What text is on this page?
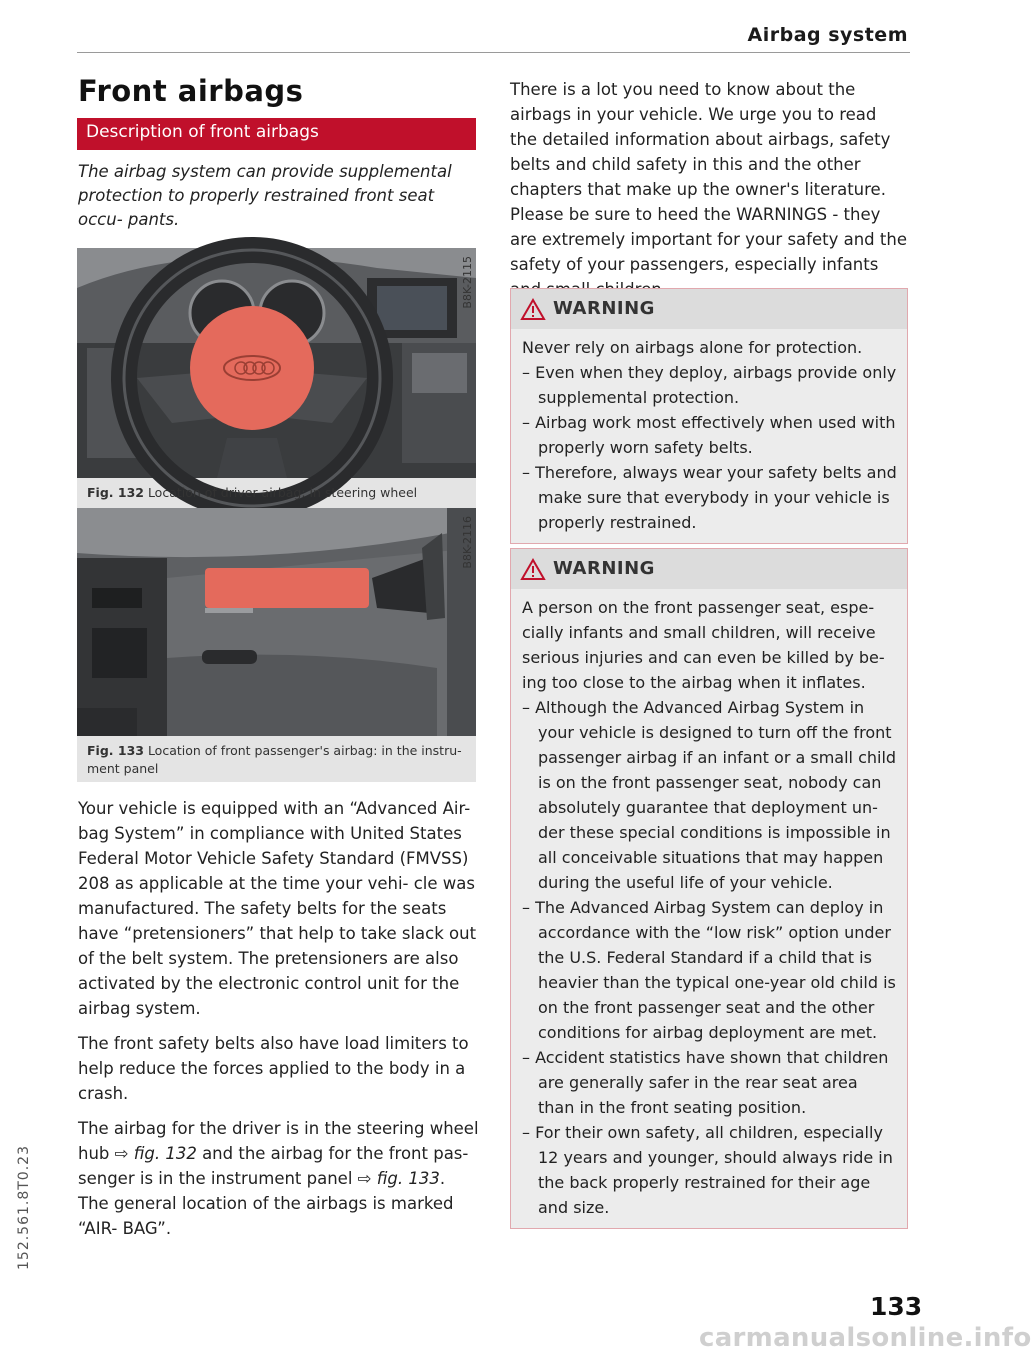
Airbag system
152.561.8T0.23
Front airbags
Description of front airbags
The airbag system can provide supplemental protection to properly restrained front seat occu- pants.
B8K-2115
Fig. 132 Location of driver airbag: in steering wheel
B8K-2116
Fig. 133 Location of front passenger's airbag: in the instru- ment panel

Your vehicle is equipped with an “Advanced Air- bag System” in compliance with United States Federal Motor Vehicle Safety Standard (FMVSS) 208 as applicable at the time your vehi- cle was manufactured. The safety belts for the seats have “pretensioners” that help to take slack out of the belt system. The pretensioners are also activated by the electronic control unit for the airbag system.

The front safety belts also have load limiters to help reduce the forces applied to the body in a crash.

The airbag for the driver is in the steering wheel hub ⇨ fig. 132 and the airbag for the front pas- senger is in the instrument panel ⇨ fig. 133. The general location of the airbags is marked “AIR- BAG”.

There is a lot you need to know about the airbags in your vehicle. We urge you to read the detailed information about airbags, safety belts and child safety in this and the other chapters that make up the owner's literature. Please be sure to heed the WARNINGS - they are extremely important for your safety and the safety of your passengers, especially infants

WARNING

Never rely on airbags alone for protection.

– Even when they deploy, airbags provide only supplemental protection.
– Airbag work most effectively when used with properly worn safety belts.
– Therefore, always wear your safety belts and make sure that everybody in your vehicle is properly restrained.
WARNING

A person on the front passenger seat, espe- cially infants and small children, will receive serious injuries and can even be killed by be- ing too close to the airbag when it inflates.

– Although the Advanced Airbag System in your vehicle is designed to turn off the front passenger airbag if an infant or a small child is on the front passenger seat, nobody can absolutely guarantee that deployment un- der these special conditions is impossible in all conceivable situations that may happen during the useful life of your vehicle.
– The Advanced Airbag System can deploy in accordance with the “low risk” option under the U.S. Federal Standard if a child that is heavier than the typical one-year old child is on the front passenger seat and the other conditions for airbag deployment are met.
– Accident statistics have shown that children are generally safer in the rear seat area than in the front seating position.
– For their own safety, all children, especially 12 years and younger, should always ride in the back properly restrained for their age and size.
133
carmanualsonline.info
